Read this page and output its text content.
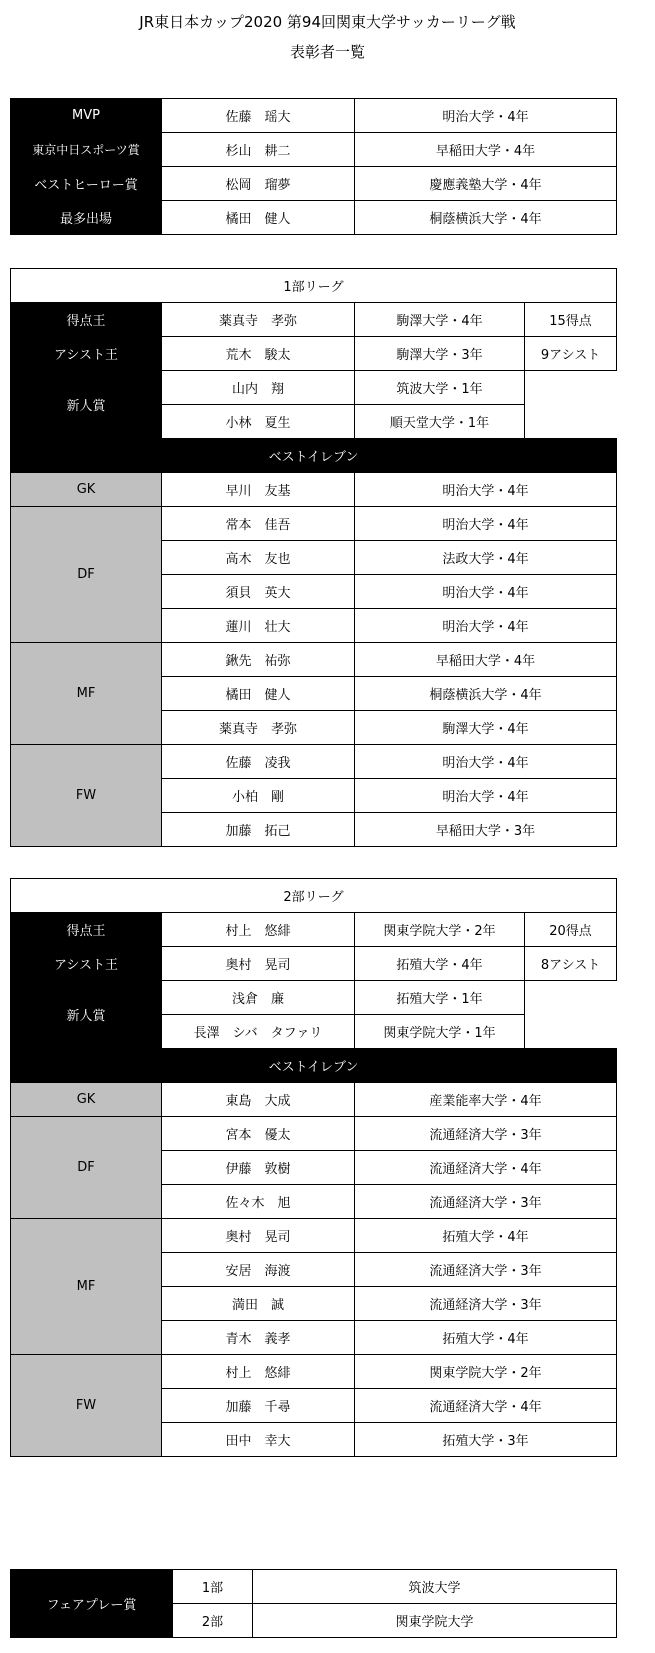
JR東日本カップ2020 第94回関東大学サッカーリーグ戦
表彰者一覧
MVP	佐藤　瑶大	明治大学・4年
東京中日スポーツ賞	杉山　耕二	早稲田大学・4年
ベストヒーロー賞	松岡　瑠夢	慶應義塾大学・4年
最多出場	橘田　健人	桐蔭横浜大学・4年
1部リーグ			
得点王	薬真寺　孝弥	駒澤大学・4年	15得点
アシスト王	荒木　駿太	駒澤大学・3年	9アシスト
新人賞	山内　翔	筑波大学・1年	
	小林　夏生	順天堂大学・1年	
ベストイレブン			
GK	早川　友基	明治大学・4年	
DF	常本　佳吾	明治大学・4年	
	高木　友也	法政大学・4年	
	須貝　英大	明治大学・4年	
	蓮川　壮大	明治大学・4年	
MF	鍬先　祐弥	早稲田大学・4年	
	橘田　健人	桐蔭横浜大学・4年	
	薬真寺　孝弥	駒澤大学・4年	
FW	佐藤　凌我	明治大学・4年	
	小柏　剛	明治大学・4年	
	加藤　拓己	早稲田大学・3年	
2部リーグ			
得点王	村上　悠緋	関東学院大学・2年	20得点
アシスト王	奥村　晃司	拓殖大学・4年	8アシスト
新人賞	浅倉　廉	拓殖大学・1年	
	長澤　シバ　タファリ	関東学院大学・1年	
ベストイレブン			
GK	東島　大成	産業能率大学・4年	
DF	宮本　優太	流通経済大学・3年	
	伊藤　敦樹	流通経済大学・4年	
	佐々木　旭	流通経済大学・3年	
MF	奥村　晃司	拓殖大学・4年	
	安居　海渡	流通経済大学・3年	
	満田　誠	流通経済大学・3年	
	青木　義孝	拓殖大学・4年	
FW	村上　悠緋	関東学院大学・2年	
	加藤　千尋	流通経済大学・4年	
	田中　幸大	拓殖大学・3年	
フェアプレー賞	1部	筑波大学
	2部	関東学院大学
